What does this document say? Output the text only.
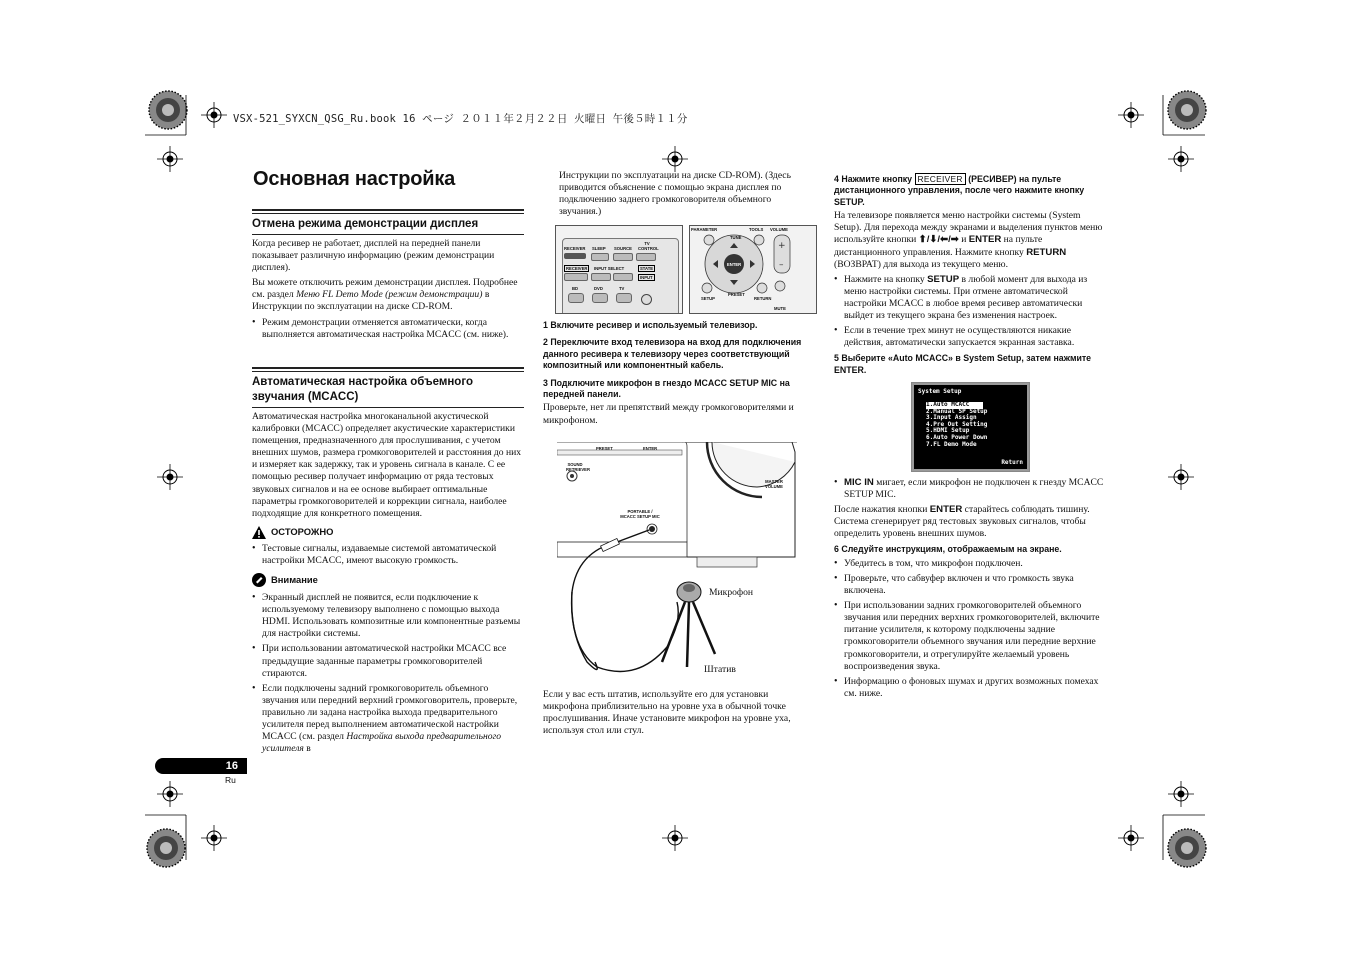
VSX-521_SYXCN_QSG_Ru.book 16 ページ ２０１１年２月２２日 火曜日 午後５時１１分
Основная настройка
Отмена режима демонстрации дисплея

Когда ресивер не работает, дисплей на передней панели показывает различную информацию (режим демонстрации дисплея).

Вы можете отключить режим демонстрации дисплея. Подробнее см. раздел Меню FL Demo Mode (режим демонстрации) в Инструкции по эксплуатации на диске CD-ROM.

• Режим демонстрации отменяется автоматически, когда выполняется автоматическая настройка MCACC (см. ниже).
Автоматическая настройка объемного звучания (MCACC)

Автоматическая настройка многоканальной акустической калибровки (MCACC) определяет акустические характеристики помещения, предназначенного для прослушивания, с учетом внешних шумов, размера громкоговорителей и расстояния до них и измеряет как задержку, так и уровень сигнала в канале. С ее помощью ресивер получает информацию от ряда тестовых звуковых сигналов и на ее основе выбирает оптимальные параметры громкоговорителей и коррекции сигнала, наиболее подходящие для конкретного помещения.

ОСТОРОЖНО
• Тестовые сигналы, издаваемые системой автоматической настройки MCACC, имеют высокую громкость.
Внимание
• Экранный дисплей не появится, если подключение к используемому телевизору выполнено с помощью выхода HDMI. Использовать композитные или компонентные разъемы для настройки системы.
• При использовании автоматической настройки MCACC все предыдущие заданные параметры громкоговорителей стираются.
• Если подключены задний громкоговоритель объемного звучания или передний верхний громкоговоритель, проверьте, правильно ли задана настройка выхода предварительного усилителя перед выполнением автоматической настройки MCACC (см. раздел Настройка выхода предварительного усилителя в
16
Ru
Инструкции по эксплуатации на диске CD-ROM). (Здесь приводится объяснение с помощью экрана дисплея по подключению заднего громкоговорителя объемного звучания.)
RECEIVER SLEEP SOURCE
TV CONTROL
RECEIVER	INPUT SELECT	STATE
INPUT
BD	DVD	TV
PARAMETER	TOOLS VOLUME
+
–
TUNE
ENTER
PRESET
SETUP	RETURN
MUTE
1 Включите ресивер и используемый телевизор.
2 Переключите вход телевизора на вход для подключения данного ресивера к телевизору через соответствующий композитный или компонентный кабель.
3 Подключите микрофон в гнездо MCACC SETUP MIC на передней панели.
Проверьте, нет ли препятствий между громкоговорителями и микрофоном.
PRESET	ENTER
SOUND RETRIEVER
PORTABLE / MCACC SETUP MIC
MASTER VOLUME
Микрофон
Штатив
Если у вас есть штатив, используйте его для установки микрофона приблизительно на уровне уха в обычной точке прослушивания. Иначе установите микрофон на уровне уха, используя стол или стул.
4 Нажмите кнопку RECEIVER (РЕСИВЕР) на пульте дистанционного управления, после чего нажмите кнопку SETUP.
На телевизоре появляется меню настройки системы (System Setup). Для перехода между экранами и выделения пунктов меню используйте кнопки ⬆/⬇/⬅/➡ и ENTER на пульте дистанционного управления. Нажмите кнопку RETURN (ВОЗВРАТ) для выхода из текущего меню.
• Нажмите на кнопку SETUP в любой момент для выхода из меню настройки системы. При отмене автоматической настройки MCACC в любое время ресивер автоматически выйдет из текущего экрана без изменения настроек.
• Если в течение трех минут не осуществляются никакие действия, автоматически запускается экранная заставка.
5 Выберите «Auto MCACC» в System Setup, затем нажмите ENTER.
System Setup
1.Auto MCACC
2.Manual SP Setup
3.Input Assign
4.Pre Out Setting
5.HDMI Setup
6.Auto Power Down
7.FL Demo Mode
Return
• MIC IN мигает, если микрофон не подключен к гнезду MCACC SETUP MIC.
После нажатия кнопки ENTER старайтесь соблюдать тишину. Система сгенерирует ряд тестовых звуковых сигналов, чтобы определить уровень внешних шумов.
6 Следуйте инструкциям, отображаемым на экране.
• Убедитесь в том, что микрофон подключен.
• Проверьте, что сабвуфер включен и что громкость звука включена.
• При использовании задних громкоговорителей объемного звучания или передних верхних громкоговорителей, включите питание усилителя, к которому подключены задние громкоговорители объемного звучания или передние верхние громкоговорители, и отрегулируйте желаемый уровень воспроизведения звука.
• Информацию о фоновых шумах и других возможных помехах см. ниже.
